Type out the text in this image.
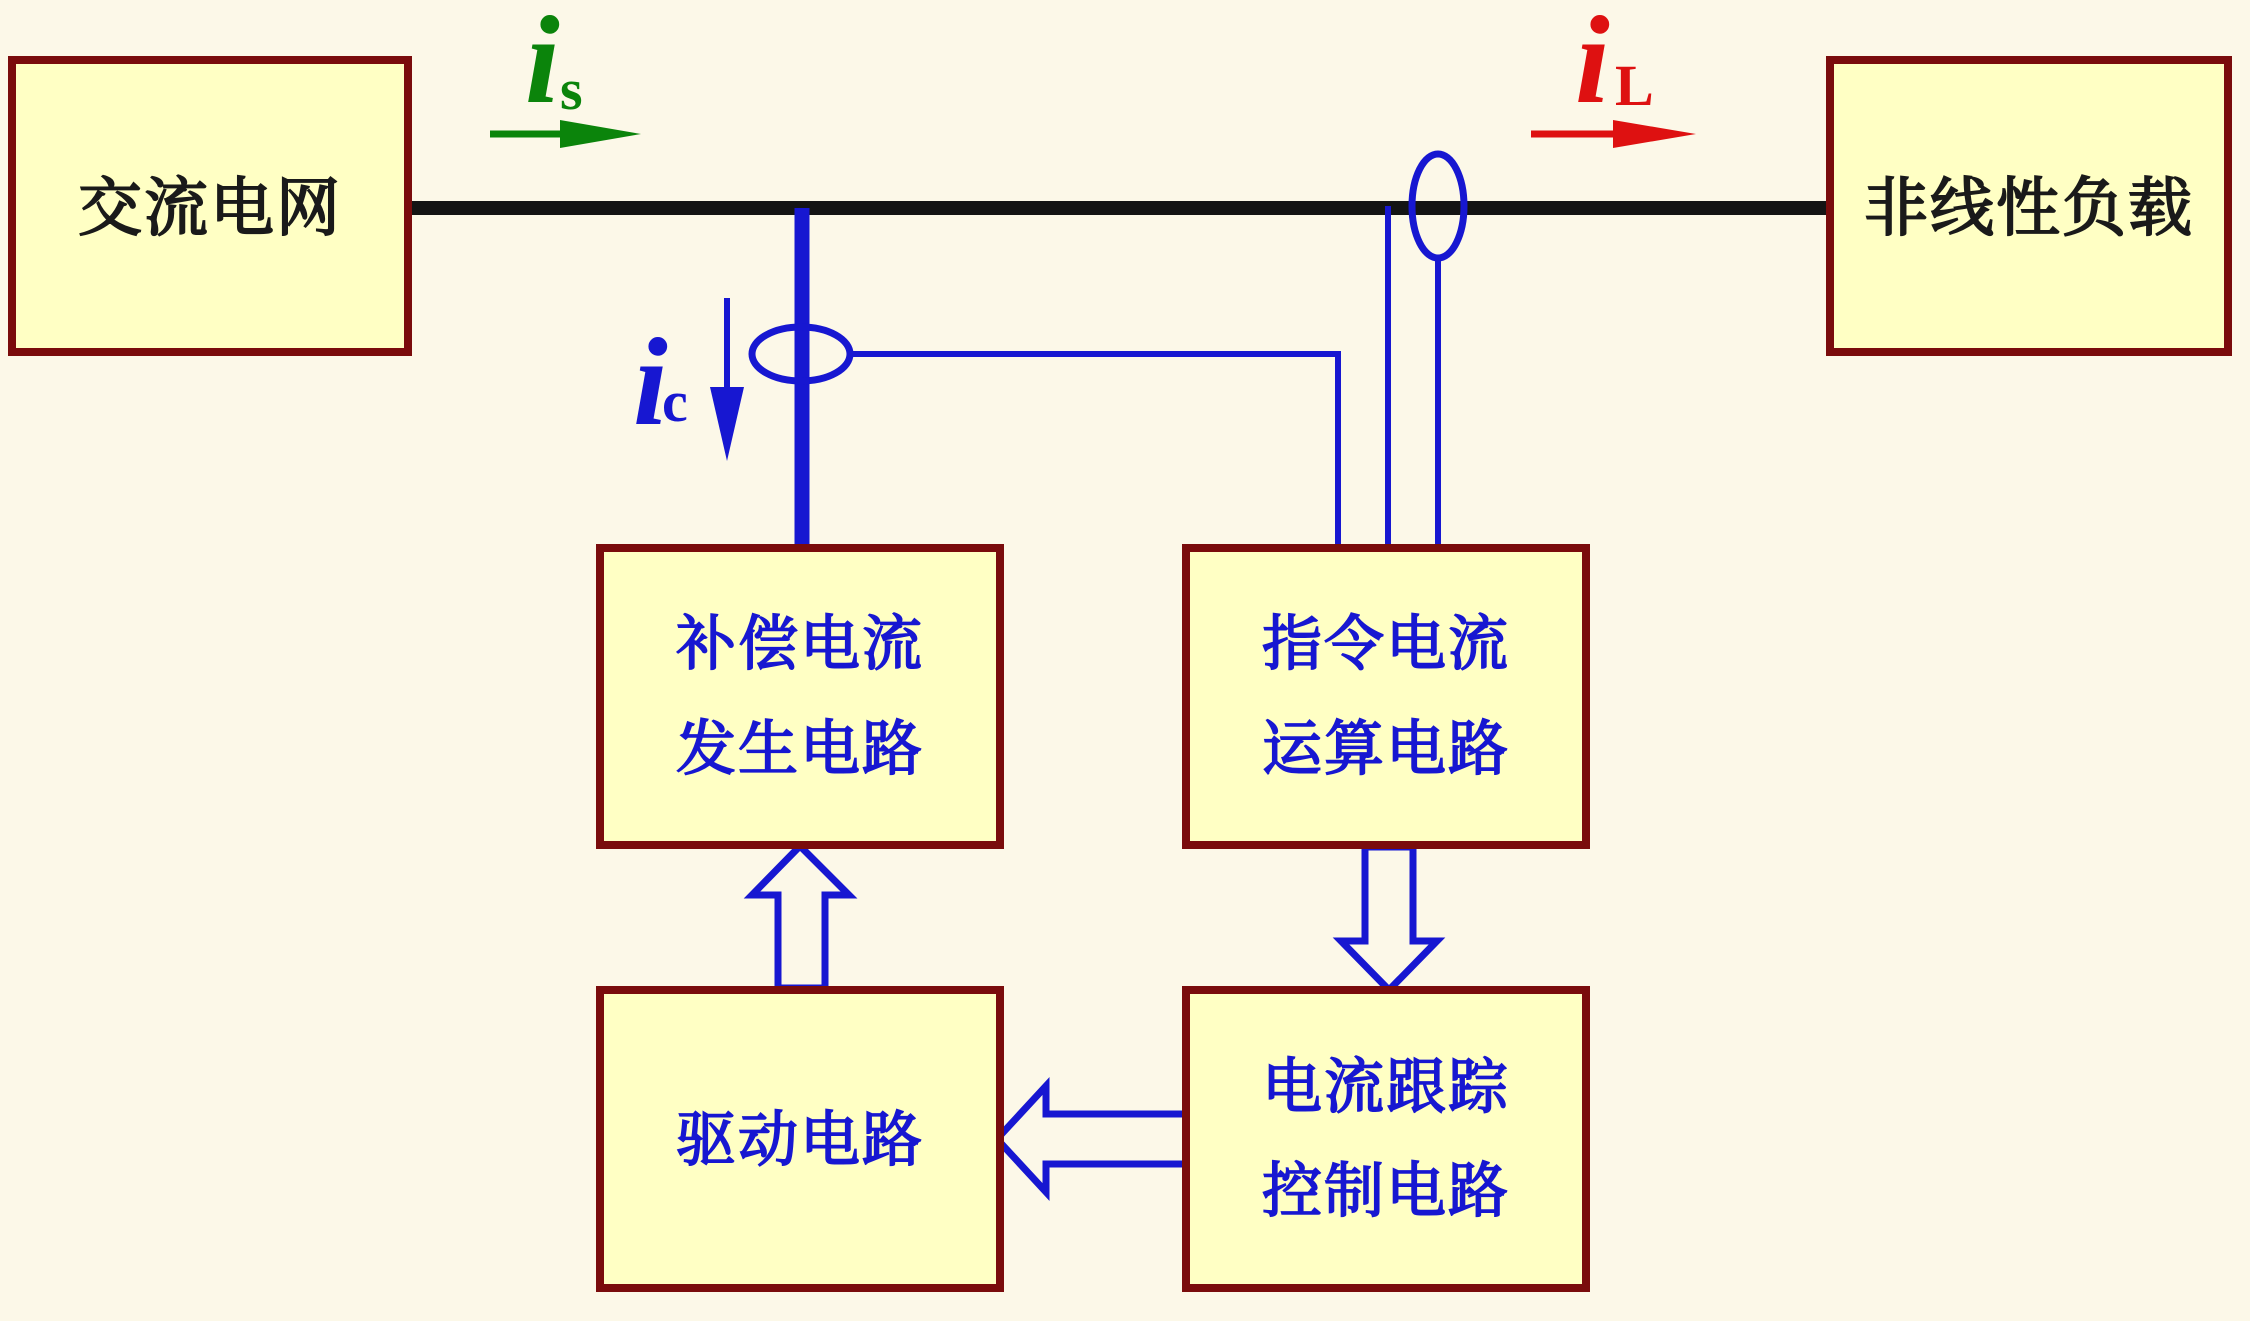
i s	i L
i
c
交流电网	非线性负载
补偿电流
发生电路
指令电流
运算电路
驱动电路
电流跟踪
控制电路
